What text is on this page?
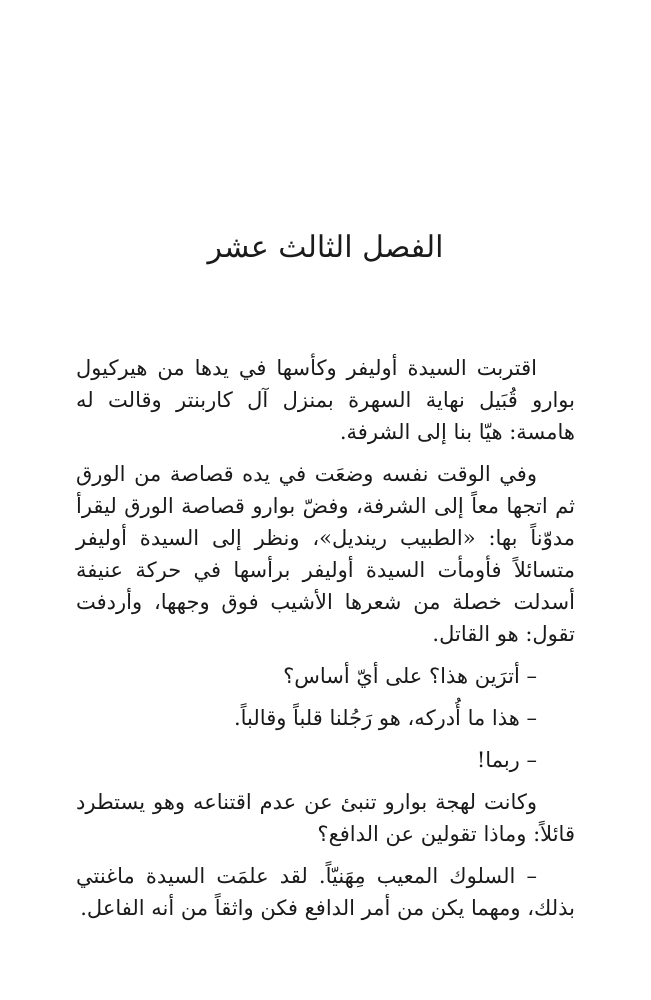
الفصل الثالث عشر

اقتربت السيدة أوليفر وكأسها في يدها من هيركيول بوارو قُبَيل نهاية السهرة بمنزل آل كاربنتر وقالت له هامسة: هيّا بنا إلى الشرفة.

وفي الوقت نفسه وضعَت في يده قصاصة من الورق ثم اتجها معاً إلى الشرفة، وفضّ بوارو قصاصة الورق ليقرأ مدوّناً بها: «الطبيب رينديل»، ونظر إلى السيدة أوليفر متسائلاً فأومأت السيدة أوليفر برأسها في حركة عنيفة أسدلت خصلة من شعرها الأشيب فوق وجهها، وأردفت تقول: هو القاتل.

– أترَين هذا؟ على أيّ أساس؟

– هذا ما أُدركه، هو رَجُلنا قلباً وقالباً.

– ربما!

وكانت لهجة بوارو تنبئ عن عدم اقتناعه وهو يستطرد قائلاً: وماذا تقولين عن الدافع؟

– السلوك المعيب مِهَنيّاً. لقد علمَت السيدة ماغنتي بذلك، ومهما يكن من أمر الدافع فكن واثقاً من أنه الفاعل.
